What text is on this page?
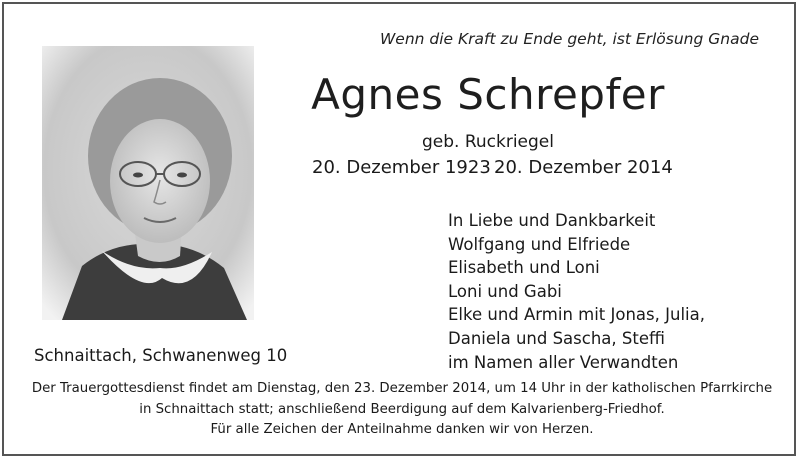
Wenn die Kraft zu Ende geht, ist Erlösung Gnade
Agnes Schrepfer
geb. Ruckriegel
20. Dezember 1923 20. Dezember 2014
In Liebe und Dankbarkeit
Wolfgang und Elfriede
Elisabeth und Loni
Loni und Gabi
Elke und Armin mit Jonas, Julia,
Daniela und Sascha, Steffi
im Namen aller Verwandten
Schnaittach, Schwanenweg 10
Der Trauergottesdienst findet am Dienstag, den 23. Dezember 2014, um 14 Uhr in der katholischen Pfarrkirche
in Schnaittach statt; anschließend Beerdigung auf dem Kalvarienberg-Friedhof.
Für alle Zeichen der Anteilnahme danken wir von Herzen.
